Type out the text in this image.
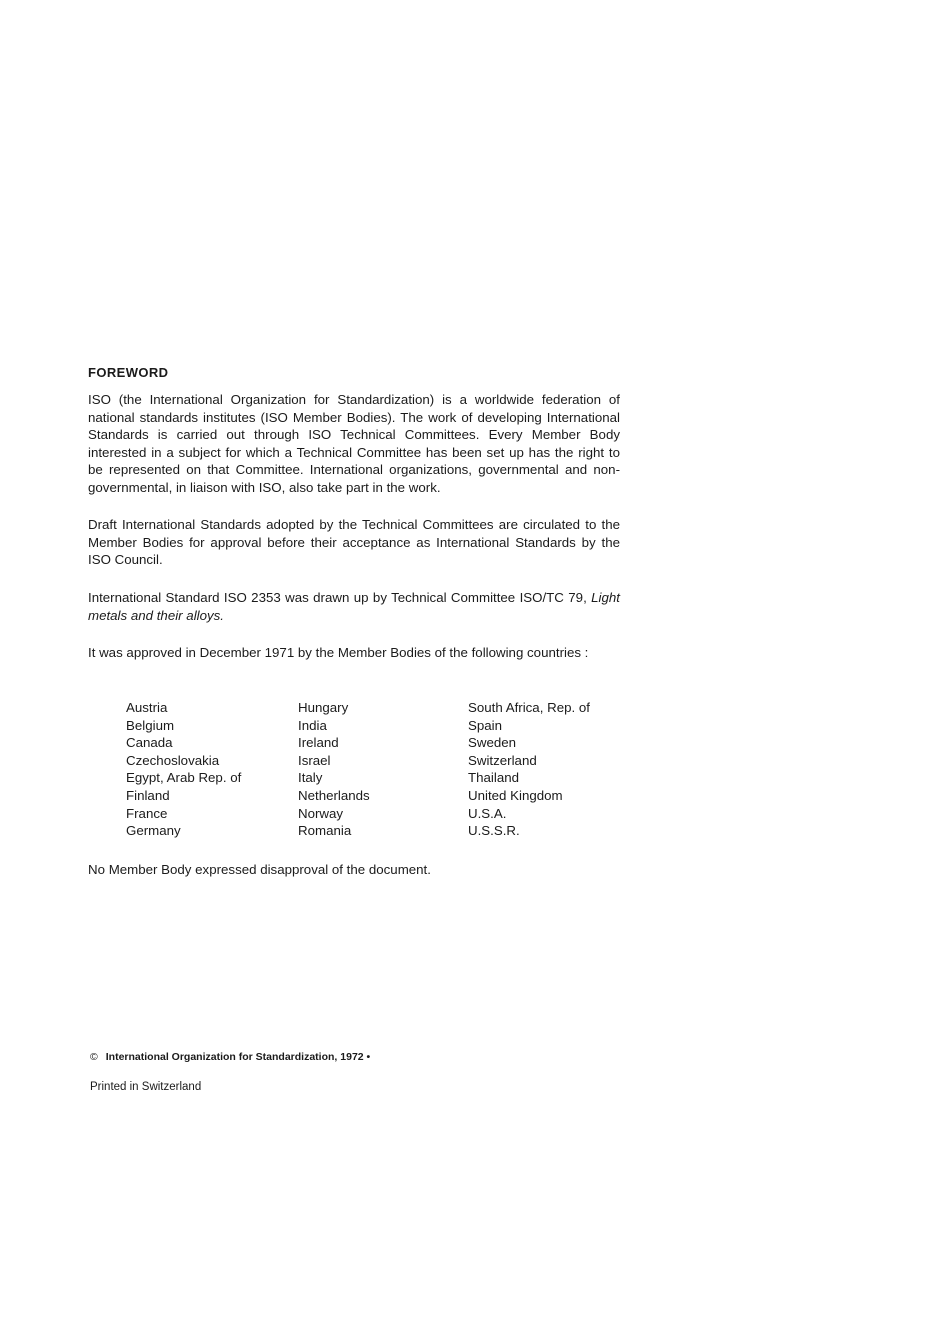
FOREWORD

ISO (the International Organization for Standardization) is a worldwide federation of national standards institutes (ISO Member Bodies). The work of developing International Standards is carried out through ISO Technical Committees. Every Member Body interested in a subject for which a Technical Committee has been set up has the right to be represented on that Committee. International organizations, governmental and non-governmental, in liaison with ISO, also take part in the work.

Draft International Standards adopted by the Technical Committees are circulated to the Member Bodies for approval before their acceptance as International Standards by the ISO Council.

International Standard ISO 2353 was drawn up by Technical Committee ISO/TC 79, Light metals and their alloys.

It was approved in December 1971 by the Member Bodies of the following countries :

Austria
Belgium
Canada
Czechoslovakia
Egypt, Arab Rep. of
Finland
France
Germany
Hungary
India
Ireland
Israel
Italy
Netherlands
Norway
Romania
South Africa, Rep. of
Spain
Sweden
Switzerland
Thailand
United Kingdom
U.S.A.
U.S.S.R.

No Member Body expressed disapproval of the document.

© International Organization for Standardization, 1972 •

Printed in Switzerland
